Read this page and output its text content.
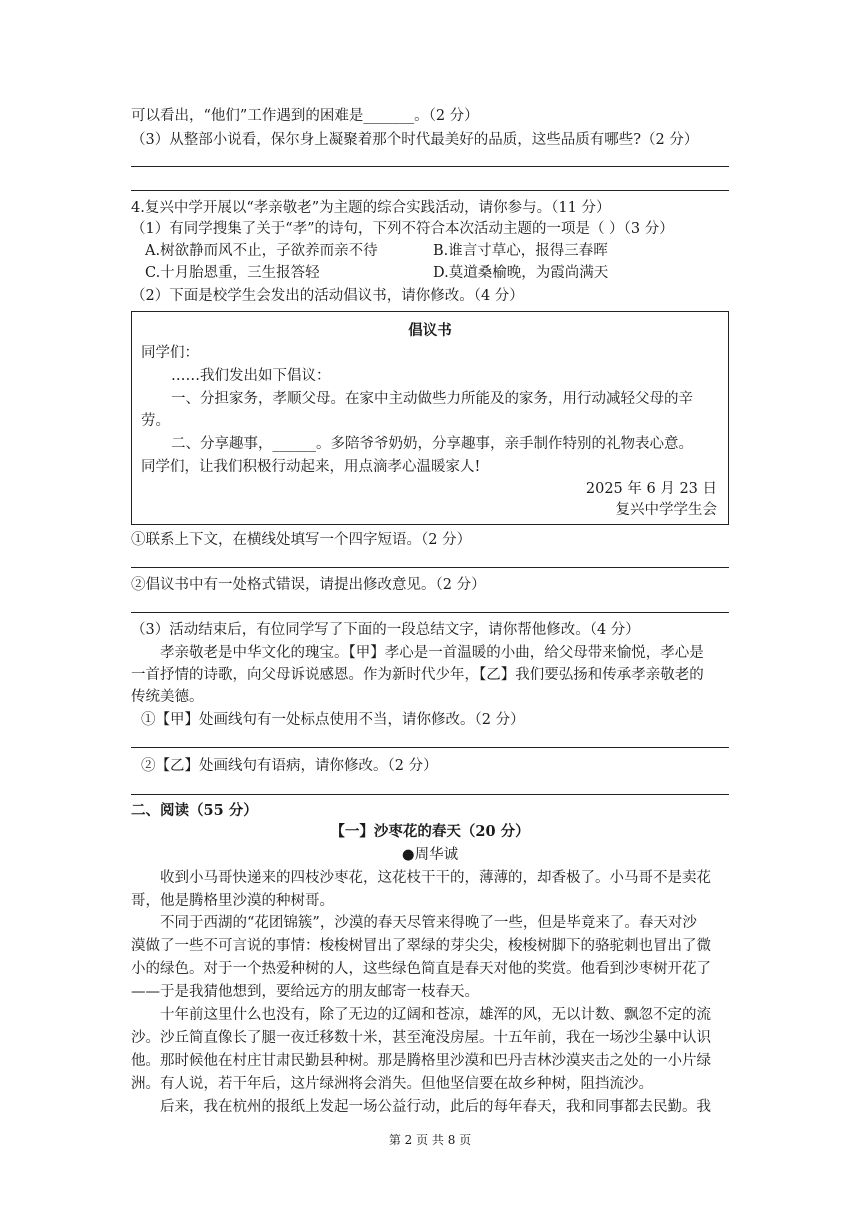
可以看出，“他们”工作遇到的困难是_______。（2 分）
（3）从整部小说看，保尔身上凝聚着那个时代最美好的品质，这些品质有哪些?（2 分）
4.复兴中学开展以“孝亲敬老”为主题的综合实践活动，请你参与。（11 分）
（1）有同学搜集了关于“孝”的诗句，下列不符合本次活动主题的一项是（ ）（3 分）
A.树欲静而风不止，子欲养而亲不待	B.谁言寸草心，报得三春晖
C.十月胎恩重，三生报答轻	D.莫道桑榆晚，为霞尚满天
（2）下面是校学生会发出的活动倡议书，请你修改。（4 分）
倡议书
同学们：
……我们发出如下倡议：
一、分担家务，孝顺父母。在家中主动做些力所能及的家务，用行动减轻父母的辛
劳。
二、分享趣事，______。多陪爷爷奶奶，分享趣事，亲手制作特别的礼物表心意。
同学们，让我们积极行动起来，用点滴孝心温暖家人!
2025 年 6 月 23 日
复兴中学学生会
①联系上下文，在横线处填写一个四字短语。（2 分）
②倡议书中有一处格式错误，请提出修改意见。（2 分）
（3）活动结束后，有位同学写了下面的一段总结文字，请你帮他修改。（4 分）
孝亲敬老是中华文化的瑰宝。【甲】孝心是一首温暖的小曲，给父母带来愉悦，孝心是
一首抒情的诗歌，向父母诉说感恩。作为新时代少年，【乙】我们要弘扬和传承孝亲敬老的
传统美德。
①【甲】处画线句有一处标点使用不当，请你修改。（2 分）
②【乙】处画线句有语病，请你修改。（2 分）
二、阅读（55 分）
【一】沙枣花的春天（20 分）
●周华诚
收到小马哥快递来的四枝沙枣花，这花枝干干的，薄薄的，却香极了。小马哥不是卖花
哥，他是腾格里沙漠的种树哥。
不同于西湖的“花团锦簇”，沙漠的春天尽管来得晚了一些，但是毕竟来了。春天对沙
漠做了一些不可言说的事情：梭梭树冒出了翠绿的芽尖尖，梭梭树脚下的骆驼刺也冒出了微
小的绿色。对于一个热爱种树的人，这些绿色简直是春天对他的奖赏。他看到沙枣树开花了
——于是我猜他想到，要给远方的朋友邮寄一枝春天。
十年前这里什么也没有，除了无边的辽阔和苍凉，雄浑的风，无以计数、飘忽不定的流
沙。沙丘简直像长了腿一夜迁移数十米，甚至淹没房屋。十五年前，我在一场沙尘暴中认识
他。那时候他在村庄甘肃民勤县种树。那是腾格里沙漠和巴丹吉林沙漠夹击之处的一小片绿
洲。有人说，若干年后，这片绿洲将会消失。但他坚信要在故乡种树，阻挡流沙。
后来，我在杭州的报纸上发起一场公益行动，此后的每年春天，我和同事都去民勤。我
第 2 页 共 8 页
